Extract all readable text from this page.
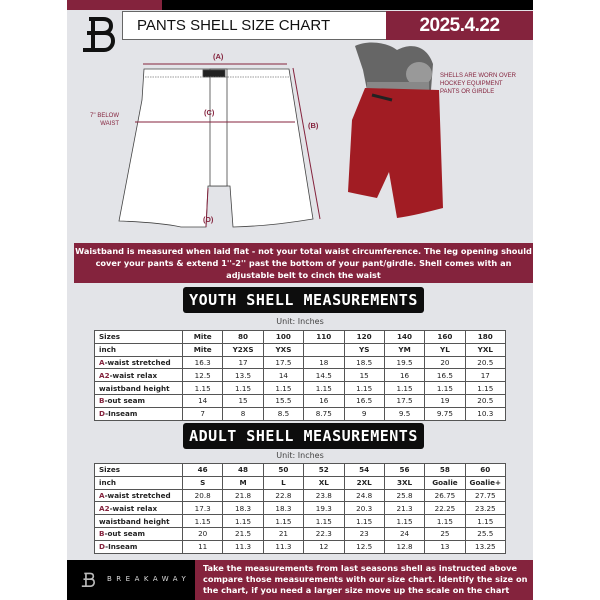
PANTS SHELL SIZE CHART	2025.4.22
(A)
(C)
(B)
(D)
7'' BELOW WAIST
SHELLS ARE WORN OVER HOCKEY EQUIPMENT PANTS OR GIRDLE
Waistband is measured when laid flat - not your total waist circumference. The leg opening should cover your pants & extend 1''-2'' past the bottom of your pant/girdle. Shell comes with an adjustable belt to cinch the waist
YOUTH SHELL MEASUREMENTS
Unit: Inches
Sizes	Mite	80	100	110	120	140	160	180
inch	Mite	Y2XS	YXS		YS	YM	YL	YXL
A-waist stretched	16.3	17	17.5	18	18.5	19.5	20	20.5
A2-waist relax	12.5	13.5	14	14.5	15	16	16.5	17
waistband height	1.15	1.15	1.15	1.15	1.15	1.15	1.15	1.15
B-out seam	14	15	15.5	16	16.5	17.5	19	20.5
D-Inseam	7	8	8.5	8.75	9	9.5	9.75	10.3
ADULT SHELL MEASUREMENTS
Unit: Inches
Sizes	46	48	50	52	54	56	58	60
inch	S	M	L	XL	2XL	3XL	Goalie	Goalie+
A-waist stretched	20.8	21.8	22.8	23.8	24.8	25.8	26.75	27.75
A2-waist relax	17.3	18.3	18.3	19.3	20.3	21.3	22.25	23.25
waistband height	1.15	1.15	1.15	1.15	1.15	1.15	1.15	1.15
B-out seam	20	21.5	21	22.3	23	24	25	25.5
D-Inseam	11	11.3	11.3	12	12.5	12.8	13	13.25
BREAKAWAY
Take the measurements from last seasons shell as instructed above compare those measurements with our size chart. Identify the size on the chart, if you need a larger size move up the scale on the chart
